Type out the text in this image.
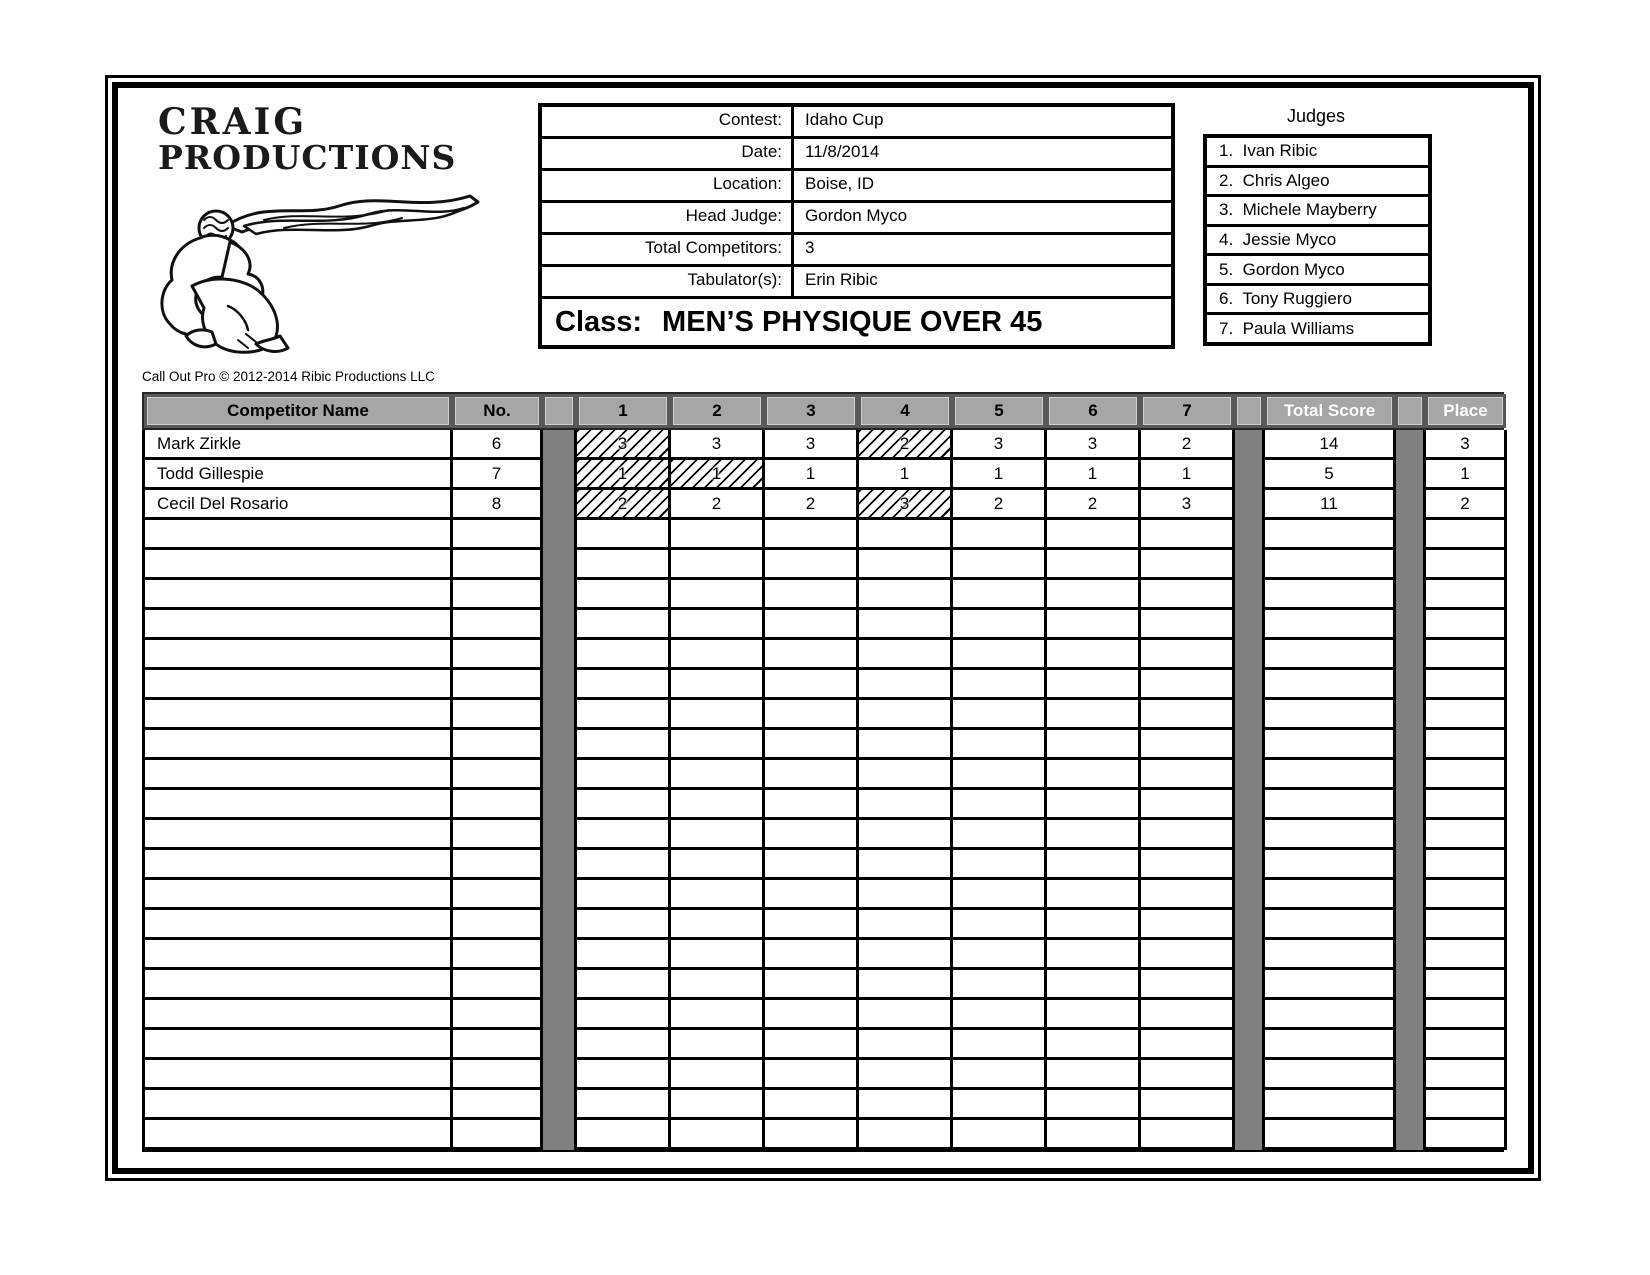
CRAIG
PRODUCTIONS
Call Out Pro © 2012-2014 Ribic Productions LLC
Contest:	Idaho Cup
Date:	11/8/2014
Location:	Boise, ID
Head Judge:	Gordon Myco
Total Competitors:	3
Tabulator(s):	Erin Ribic
Class: MEN’S PHYSIQUE OVER 45
Judges
1.  Ivan Ribic
2.  Chris Algeo
3.  Michele Mayberry
4.  Jessie Myco
5.  Gordon Myco
6.  Tony Ruggiero
7.  Paula Williams
Competitor Name	No.	1	2	3	4	5	6	7	Total Score	Place
Mark Zirkle	6	3	3	3	2	3	3	2	14	3
Todd Gillespie	7	1	1	1	1	1	1	1	5	1
Cecil Del Rosario	8	2	2	2	3	2	2	3	11	2
